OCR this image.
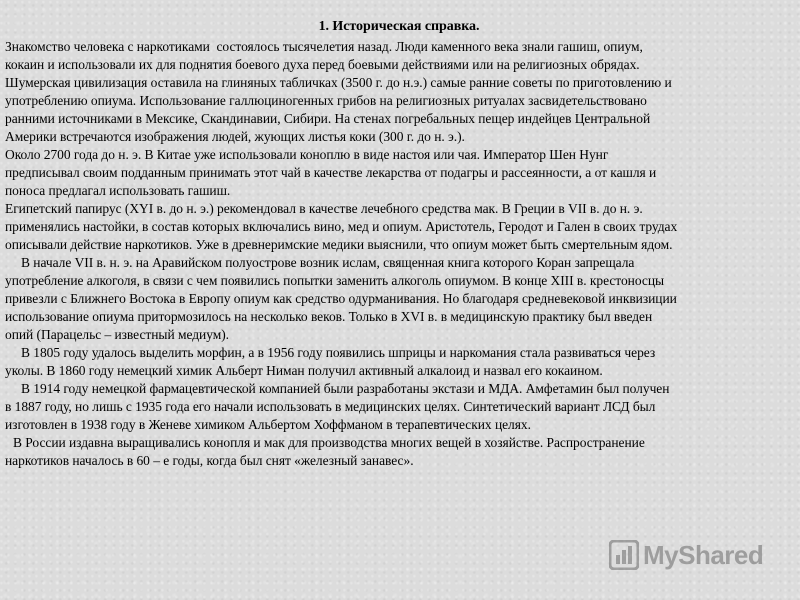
1. Историческая справка.
Знакомство человека с наркотиками  состоялось тысячелетия назад. Люди каменного века знали гашиш, опиум,
кокаин и использовали их для поднятия боевого духа перед боевыми действиями или на религиозных обрядах.
Шумерская цивилизация оставила на глиняных табличках (3500 г. до н.э.) самые ранние советы по приготовлению и
употреблению опиума. Использование галлюциногенных грибов на религиозных ритуалах засвидетельствовано
ранними источниками в Мексике, Скандинавии, Сибири. На стенах погребальных пещер индейцев Центральной
Америки встречаются изображения людей, жующих листья коки (300 г. до н. э.).
Около 2700 года до н. э. В Китае уже использовали коноплю в виде настоя или чая. Император Шен Нунг
предписывал своим подданным принимать этот чай в качестве лекарства от подагры и рассеянности, а от кашля и
поноса предлагал использовать гашиш.
Египетский папирус (XYI в. до н. э.) рекомендовал в качестве лечебного средства мак. В Греции в VII в. до н. э.
применялись настойки, в состав которых включались вино, мед и опиум. Аристотель, Геродот и Гален в своих трудах
описывали действие наркотиков. Уже в древнеримские медики выяснили, что опиум может быть смертельным ядом.
В начале VII в. н. э. на Аравийском полуострове возник ислам, священная книга которого Коран запрещала
употребление алкоголя, в связи с чем появились попытки заменить алкоголь опиумом. В конце XIII в. крестоносцы
привезли с Ближнего Востока в Европу опиум как средство одурманивания. Но благодаря средневековой инквизиции
использование опиума притормозилось на несколько веков. Только в XVI в. в медицинскую практику был введен
опий (Парацельс – известный медиум).
В 1805 году удалось выделить морфин, а в 1956 году появились шприцы и наркомания стала развиваться через
уколы. В 1860 году немецкий химик Альберт Ниман получил активный алкалоид и назвал его кокаином.
В 1914 году немецкой фармацевтической компанией были разработаны экстази и МДА. Амфетамин был получен
в 1887 году, но лишь с 1935 года его начали использовать в медицинских целях. Синтетический вариант ЛСД был
изготовлен в 1938 году в Женеве химиком Альбертом Хоффманом в терапевтических целях.
В России издавна выращивались конопля и мак для производства многих вещей в хозяйстве. Распространение
наркотиков началось в 60 – е годы, когда был снят «железный занавес».
MyShared
